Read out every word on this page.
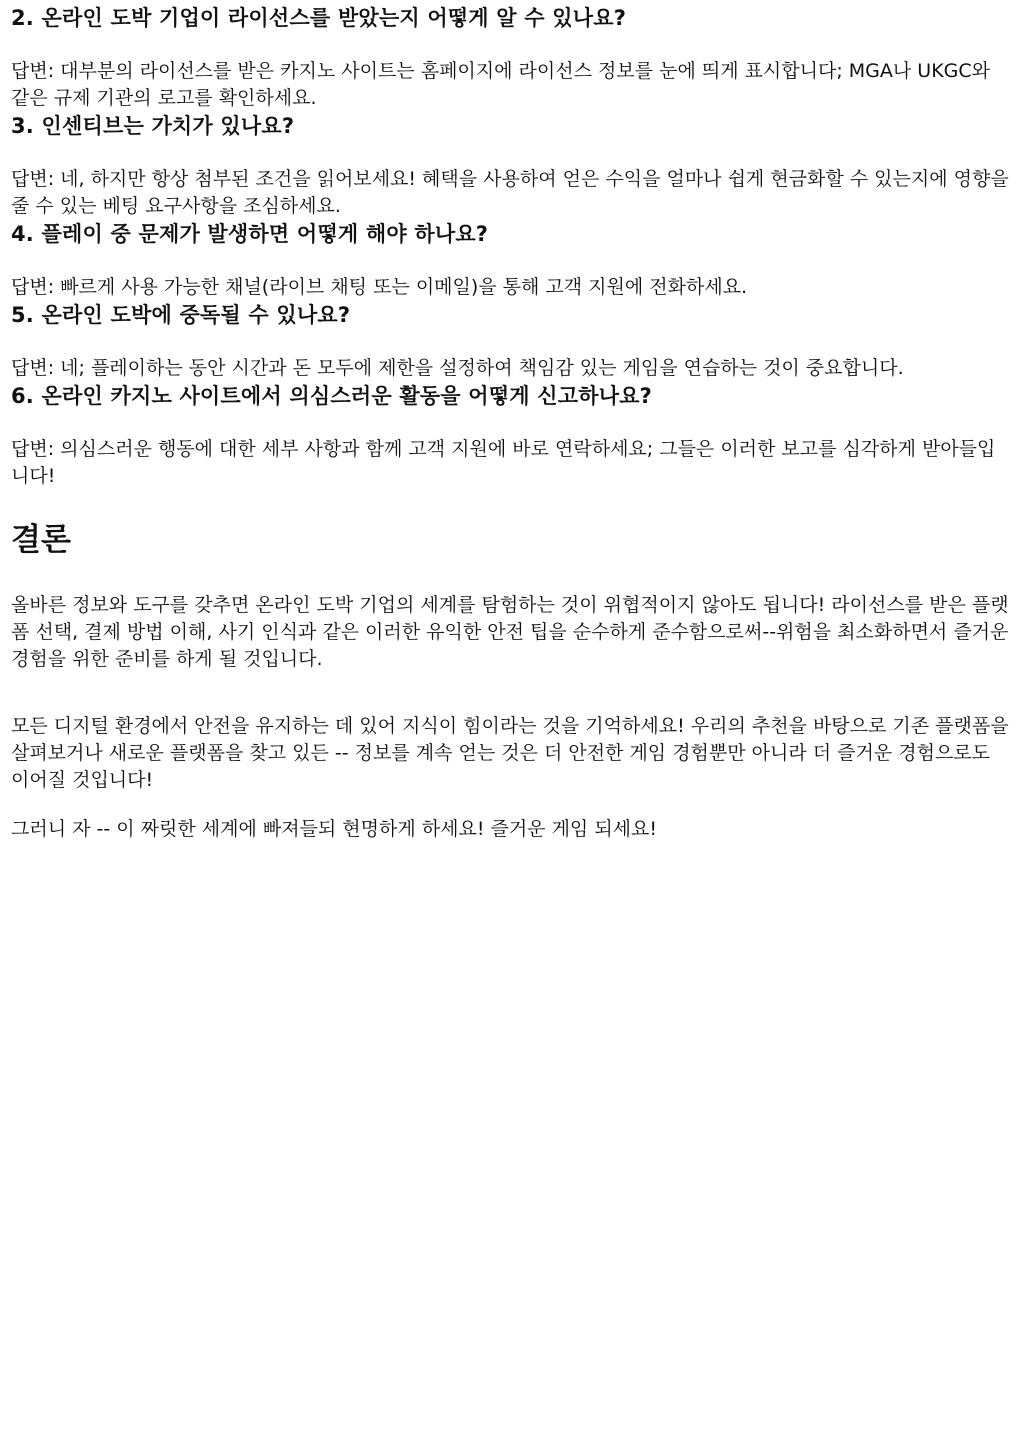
2. 온라인 도박 기업이 라이선스를 받았는지 어떻게 알 수 있나요?

답변: 대부분의 라이선스를 받은 카지노 사이트는 홈페이지에 라이선스 정보를 눈에 띄게 표시합니다; MGA나 UKGC와 같은 규제 기관의 로고를 확인하세요.

3. 인센티브는 가치가 있나요?

답변: 네, 하지만 항상 첨부된 조건을 읽어보세요! 혜택을 사용하여 얻은 수익을 얼마나 쉽게 현금화할 수 있는지에 영향을 줄 수 있는 베팅 요구사항을 조심하세요.

4. 플레이 중 문제가 발생하면 어떻게 해야 하나요?

답변: 빠르게 사용 가능한 채널(라이브 채팅 또는 이메일)을 통해 고객 지원에 전화하세요.

5. 온라인 도박에 중독될 수 있나요?

답변: 네; 플레이하는 동안 시간과 돈 모두에 제한을 설정하여 책임감 있는 게임을 연습하는 것이 중요합니다.

6. 온라인 카지노 사이트에서 의심스러운 활동을 어떻게 신고하나요?

답변: 의심스러운 행동에 대한 세부 사항과 함께 고객 지원에 바로 연락하세요; 그들은 이러한 보고를 심각하게 받아들입니다!

결론

올바른 정보와 도구를 갖추면 온라인 도박 기업의 세계를 탐험하는 것이 위협적이지 않아도 됩니다! 라이선스를 받은 플랫폼 선택, 결제 방법 이해, 사기 인식과 같은 이러한 유익한 안전 팁을 순수하게 준수함으로써--위험을 최소화하면서 즐거운 경험을 위한 준비를 하게 될 것입니다.

모든 디지털 환경에서 안전을 유지하는 데 있어 지식이 힘이라는 것을 기억하세요! 우리의 추천을 바탕으로 기존 플랫폼을 살펴보거나 새로운 플랫폼을 찾고 있든 -- 정보를 계속 얻는 것은 더 안전한 게임 경험뿐만 아니라 더 즐거운 경험으로도 이어질 것입니다!

그러니 자 -- 이 짜릿한 세계에 빠져들되 현명하게 하세요! 즐거운 게임 되세요!
